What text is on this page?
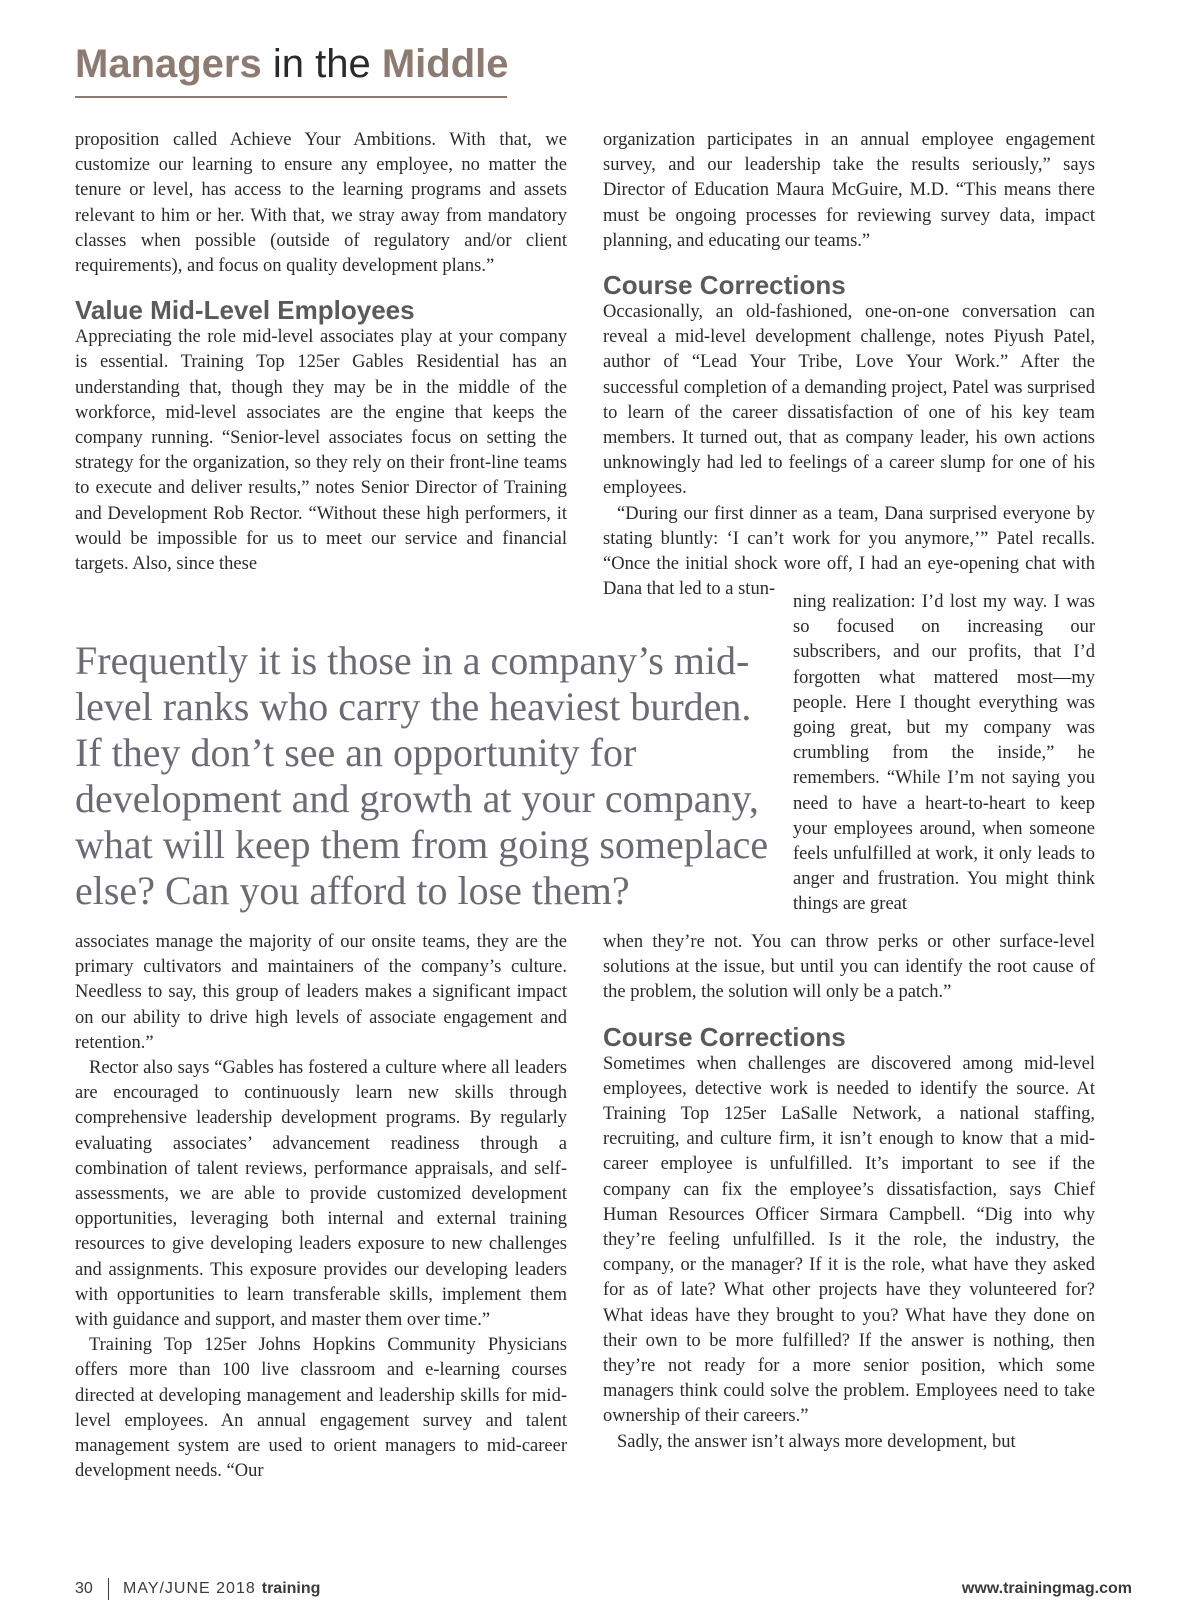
Managers in the Middle

proposition called Achieve Your Ambitions. With that, we customize our learning to ensure any employee, no matter the tenure or level, has access to the learning programs and assets relevant to him or her. With that, we stray away from mandatory classes when possible (outside of regulatory and/or client requirements), and focus on quality development plans.”

Value Mid-Level Employees

Appreciating the role mid-level associates play at your company is essential. Training Top 125er Gables Residential has an understanding that, though they may be in the middle of the workforce, mid-level associates are the engine that keeps the company running. “Senior-level associates focus on setting the strategy for the organization, so they rely on their front-line teams to execute and deliver results,” notes Senior Director of Training and Development Rob Rector. “Without these high performers, it would be impossible for us to meet our service and financial targets. Also, since these

Frequently it is those in a company’s mid-level ranks who carry the heaviest burden. If they don’t see an opportunity for development and growth at your company, what will keep them from going someplace else? Can you afford to lose them?

associates manage the majority of our onsite teams, they are the primary cultivators and maintainers of the company’s culture. Needless to say, this group of leaders makes a significant impact on our ability to drive high levels of associate engagement and retention.”

Rector also says “Gables has fostered a culture where all leaders are encouraged to continuously learn new skills through comprehensive leadership development programs. By regularly evaluating associates’ advancement readiness through a combination of talent reviews, performance appraisals, and self-assessments, we are able to provide customized development opportunities, leveraging both internal and external training resources to give developing leaders exposure to new challenges and assignments. This exposure provides our developing leaders with opportunities to learn transferable skills, implement them with guidance and support, and master them over time.”

Training Top 125er Johns Hopkins Community Physicians offers more than 100 live classroom and e-learning courses directed at developing management and leadership skills for mid-level employees. An annual engagement survey and talent management system are used to orient managers to mid-career development needs. “Our

organization participates in an annual employee engagement survey, and our leadership take the results seriously,” says Director of Education Maura McGuire, M.D. “This means there must be ongoing processes for reviewing survey data, impact planning, and educating our teams.”

Course Corrections

Occasionally, an old-fashioned, one-on-one conversation can reveal a mid-level development challenge, notes Piyush Patel, author of “Lead Your Tribe, Love Your Work.” After the successful completion of a demanding project, Patel was surprised to learn of the career dissatisfaction of one of his key team members. It turned out, that as company leader, his own actions unknowingly had led to feelings of a career slump for one of his employees.

“During our first dinner as a team, Dana surprised everyone by stating bluntly: ‘I can’t work for you anymore,’” Patel recalls. “Once the initial shock wore off, I had an eye-opening chat with Dana that led to a stun-

ning realization: I’d lost my way. I was so focused on increasing our subscribers, and our profits, that I’d forgotten what mattered most—my people. Here I thought everything was going great, but my company was crumbling from the inside,” he remembers. “While I’m not saying you need to have a heart-to-heart to keep your employees around, when someone feels unfulfilled at work, it only leads to anger and frustration. You might think things are great

when they’re not. You can throw perks or other surface-level solutions at the issue, but until you can identify the root cause of the problem, the solution will only be a patch.”

Course Corrections

Sometimes when challenges are discovered among mid-level employees, detective work is needed to identify the source. At Training Top 125er LaSalle Network, a national staffing, recruiting, and culture firm, it isn’t enough to know that a mid-career employee is unfulfilled. It’s important to see if the company can fix the employee’s dissatisfaction, says Chief Human Resources Officer Sirmara Campbell. “Dig into why they’re feeling unfulfilled. Is it the role, the industry, the company, or the manager? If it is the role, what have they asked for as of late? What other projects have they volunteered for? What ideas have they brought to you? What have they done on their own to be more fulfilled? If the answer is nothing, then they’re not ready for a more senior position, which some managers think could solve the problem. Employees need to take ownership of their careers.”

Sadly, the answer isn’t always more development, but

30 MAY/JUNE 2018 training	www.trainingmag.com
